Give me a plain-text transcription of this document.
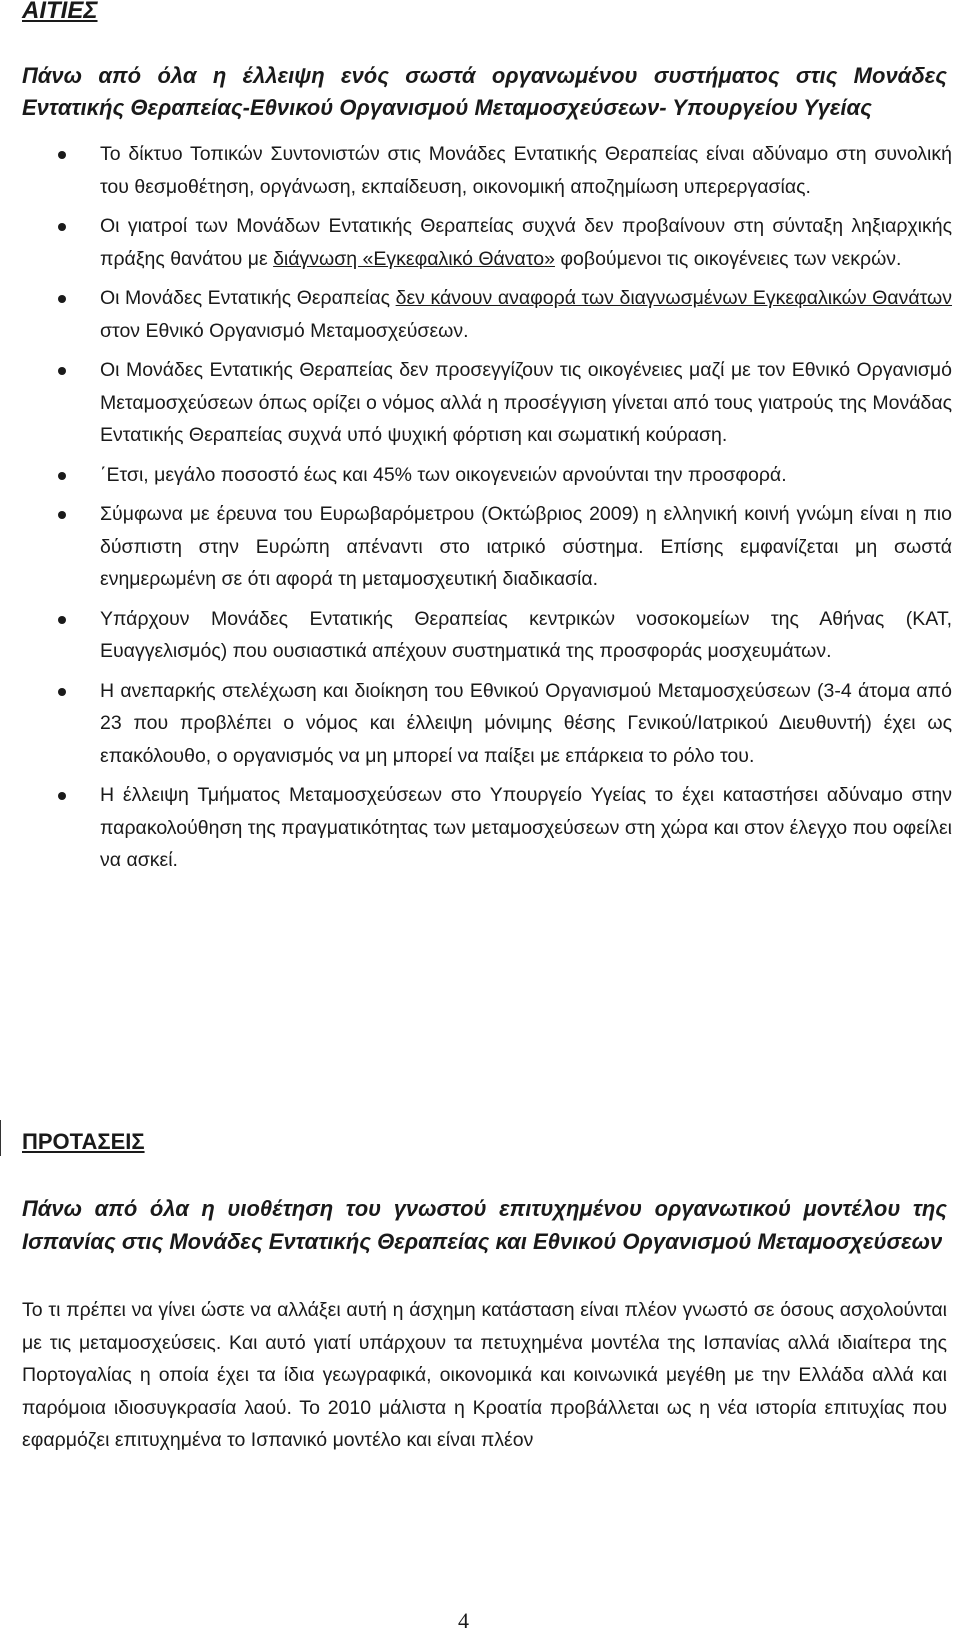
ΑΙΤΙΕΣ

Πάνω από όλα η έλλειψη ενός σωστά οργανωμένου συστήματος στις Μονάδες Εντατικής Θεραπείας-Εθνικού Οργανισμού Μεταμοσχεύσεων- Υπουργείου Υγείας

Το δίκτυο Τοπικών Συντονιστών στις Μονάδες Εντατικής Θεραπείας είναι αδύναμο στη συνολική του θεσμοθέτηση, οργάνωση, εκπαίδευση, οικονομική αποζημίωση υπερεργασίας.
Οι γιατροί των Μονάδων Εντατικής Θεραπείας συχνά δεν προβαίνουν στη σύνταξη ληξιαρχικής πράξης θανάτου με διάγνωση «Εγκεφαλικό Θάνατο» φοβούμενοι τις οικογένειες των νεκρών.
Οι Μονάδες Εντατικής Θεραπείας δεν κάνουν αναφορά των διαγνωσμένων Εγκεφαλικών Θανάτων στον Εθνικό Οργανισμό Μεταμοσχεύσεων.
Οι Μονάδες Εντατικής Θεραπείας δεν προσεγγίζουν τις οικογένειες μαζί με τον Εθνικό Οργανισμό Μεταμοσχεύσεων όπως ορίζει ο νόμος αλλά η προσέγγιση γίνεται από τους γιατρούς της Μονάδας Εντατικής Θεραπείας συχνά υπό ψυχική φόρτιση και σωματική κούραση.
΄Ετσι, μεγάλο ποσοστό έως και 45% των οικογενειών αρνούνται την προσφορά.
Σύμφωνα με έρευνα του Ευρωβαρόμετρου (Οκτώβριος 2009) η ελληνική κοινή γνώμη είναι η πιο δύσπιστη στην Ευρώπη απέναντι στο ιατρικό σύστημα. Επίσης εμφανίζεται μη σωστά ενημερωμένη σε ότι αφορά τη μεταμοσχευτική διαδικασία.
Υπάρχουν Μονάδες Εντατικής Θεραπείας κεντρικών νοσοκομείων της Αθήνας (ΚΑΤ, Ευαγγελισμός) που ουσιαστικά απέχουν συστηματικά της προσφοράς μοσχευμάτων.
Η ανεπαρκής στελέχωση και διοίκηση του Εθνικού Οργανισμού Μεταμοσχεύσεων (3-4 άτομα από 23 που προβλέπει ο νόμος και έλλειψη μόνιμης θέσης Γενικού/Ιατρικού Διευθυντή) έχει ως επακόλουθο, ο οργανισμός να μη μπορεί να παίξει με επάρκεια το ρόλο του.
Η έλλειψη Τμήματος Μεταμοσχεύσεων στο Υπουργείο Υγείας το έχει καταστήσει αδύναμο στην παρακολούθηση της πραγματικότητας των μεταμοσχεύσεων στη χώρα και στον έλεγχο που οφείλει να ασκεί.
ΠΡΟΤΑΣΕΙΣ

Πάνω από όλα η υιοθέτηση του γνωστού επιτυχημένου οργανωτικού μοντέλου της Ισπανίας στις Μονάδες Εντατικής Θεραπείας και Εθνικού Οργανισμού Μεταμοσχεύσεων

Το τι πρέπει να γίνει ώστε να αλλάξει αυτή η άσχημη κατάσταση είναι πλέον γνωστό σε όσους ασχολούνται με τις μεταμοσχεύσεις. Και αυτό γιατί υπάρχουν τα πετυχημένα μοντέλα της Ισπανίας αλλά ιδιαίτερα της Πορτογαλίας η οποία έχει τα ίδια γεωγραφικά, οικονομικά και κοινωνικά μεγέθη με την Ελλάδα αλλά και παρόμοια ιδιοσυγκρασία λαού. Το 2010 μάλιστα η Κροατία προβάλλεται ως η νέα ιστορία επιτυχίας που εφαρμόζει επιτυχημένα το Ισπανικό μοντέλο και είναι πλέον

4
